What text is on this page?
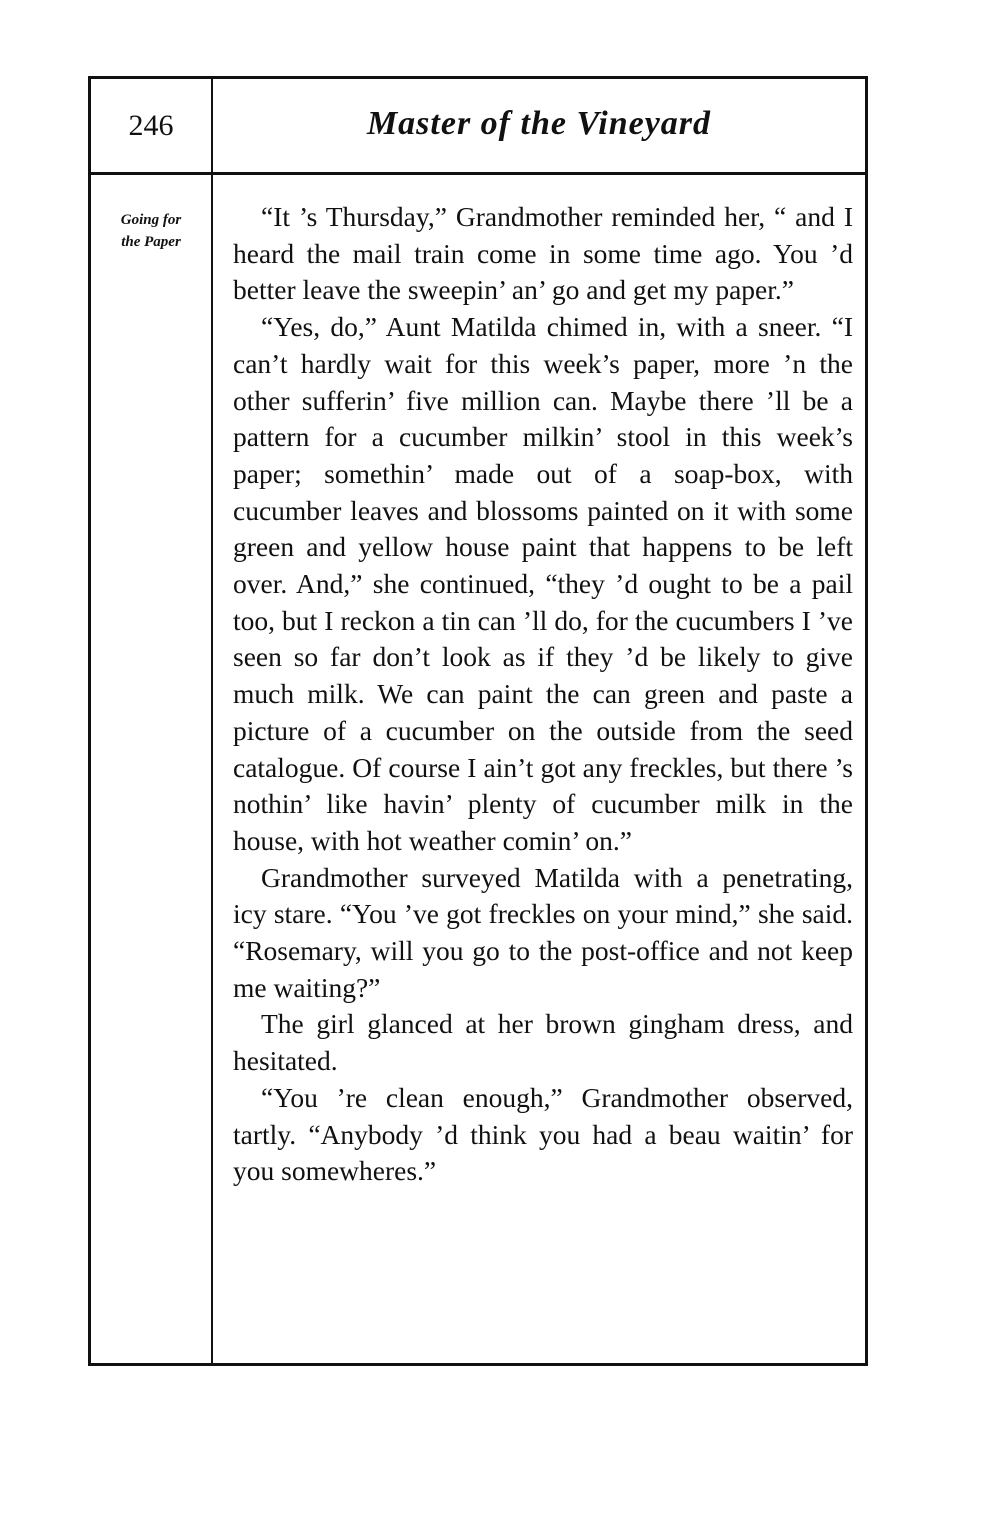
246	Master of the Vineyard
Going for
the Paper

“It ’s Thursday,” Grandmother reminded her, “ and I heard the mail train come in some time ago. You ’d better leave the sweepin’ an’ go and get my paper.”

“Yes, do,” Aunt Matilda chimed in, with a sneer. “I can’t hardly wait for this week’s paper, more ’n the other sufferin’ five million can. Maybe there ’ll be a pattern for a cucumber milkin’ stool in this week’s paper; somethin’ made out of a soap-box, with cucumber leaves and blossoms painted on it with some green and yellow house paint that happens to be left over. And,” she continued, “they ’d ought to be a pail too, but I reckon a tin can ’ll do, for the cucumbers I ’ve seen so far don’t look as if they ’d be likely to give much milk. We can paint the can green and paste a picture of a cucumber on the outside from the seed catalogue. Of course I ain’t got any freckles, but there ’s nothin’ like havin’ plenty of cucumber milk in the house, with hot weather comin’ on.”

Grandmother surveyed Matilda with a penetrating, icy stare. “You ’ve got freckles on your mind,” she said. “Rosemary, will you go to the post-office and not keep me waiting?”

The girl glanced at her brown gingham dress, and hesitated.

“You ’re clean enough,” Grandmother observed, tartly. “Anybody ’d think you had a beau waitin’ for you somewheres.”
